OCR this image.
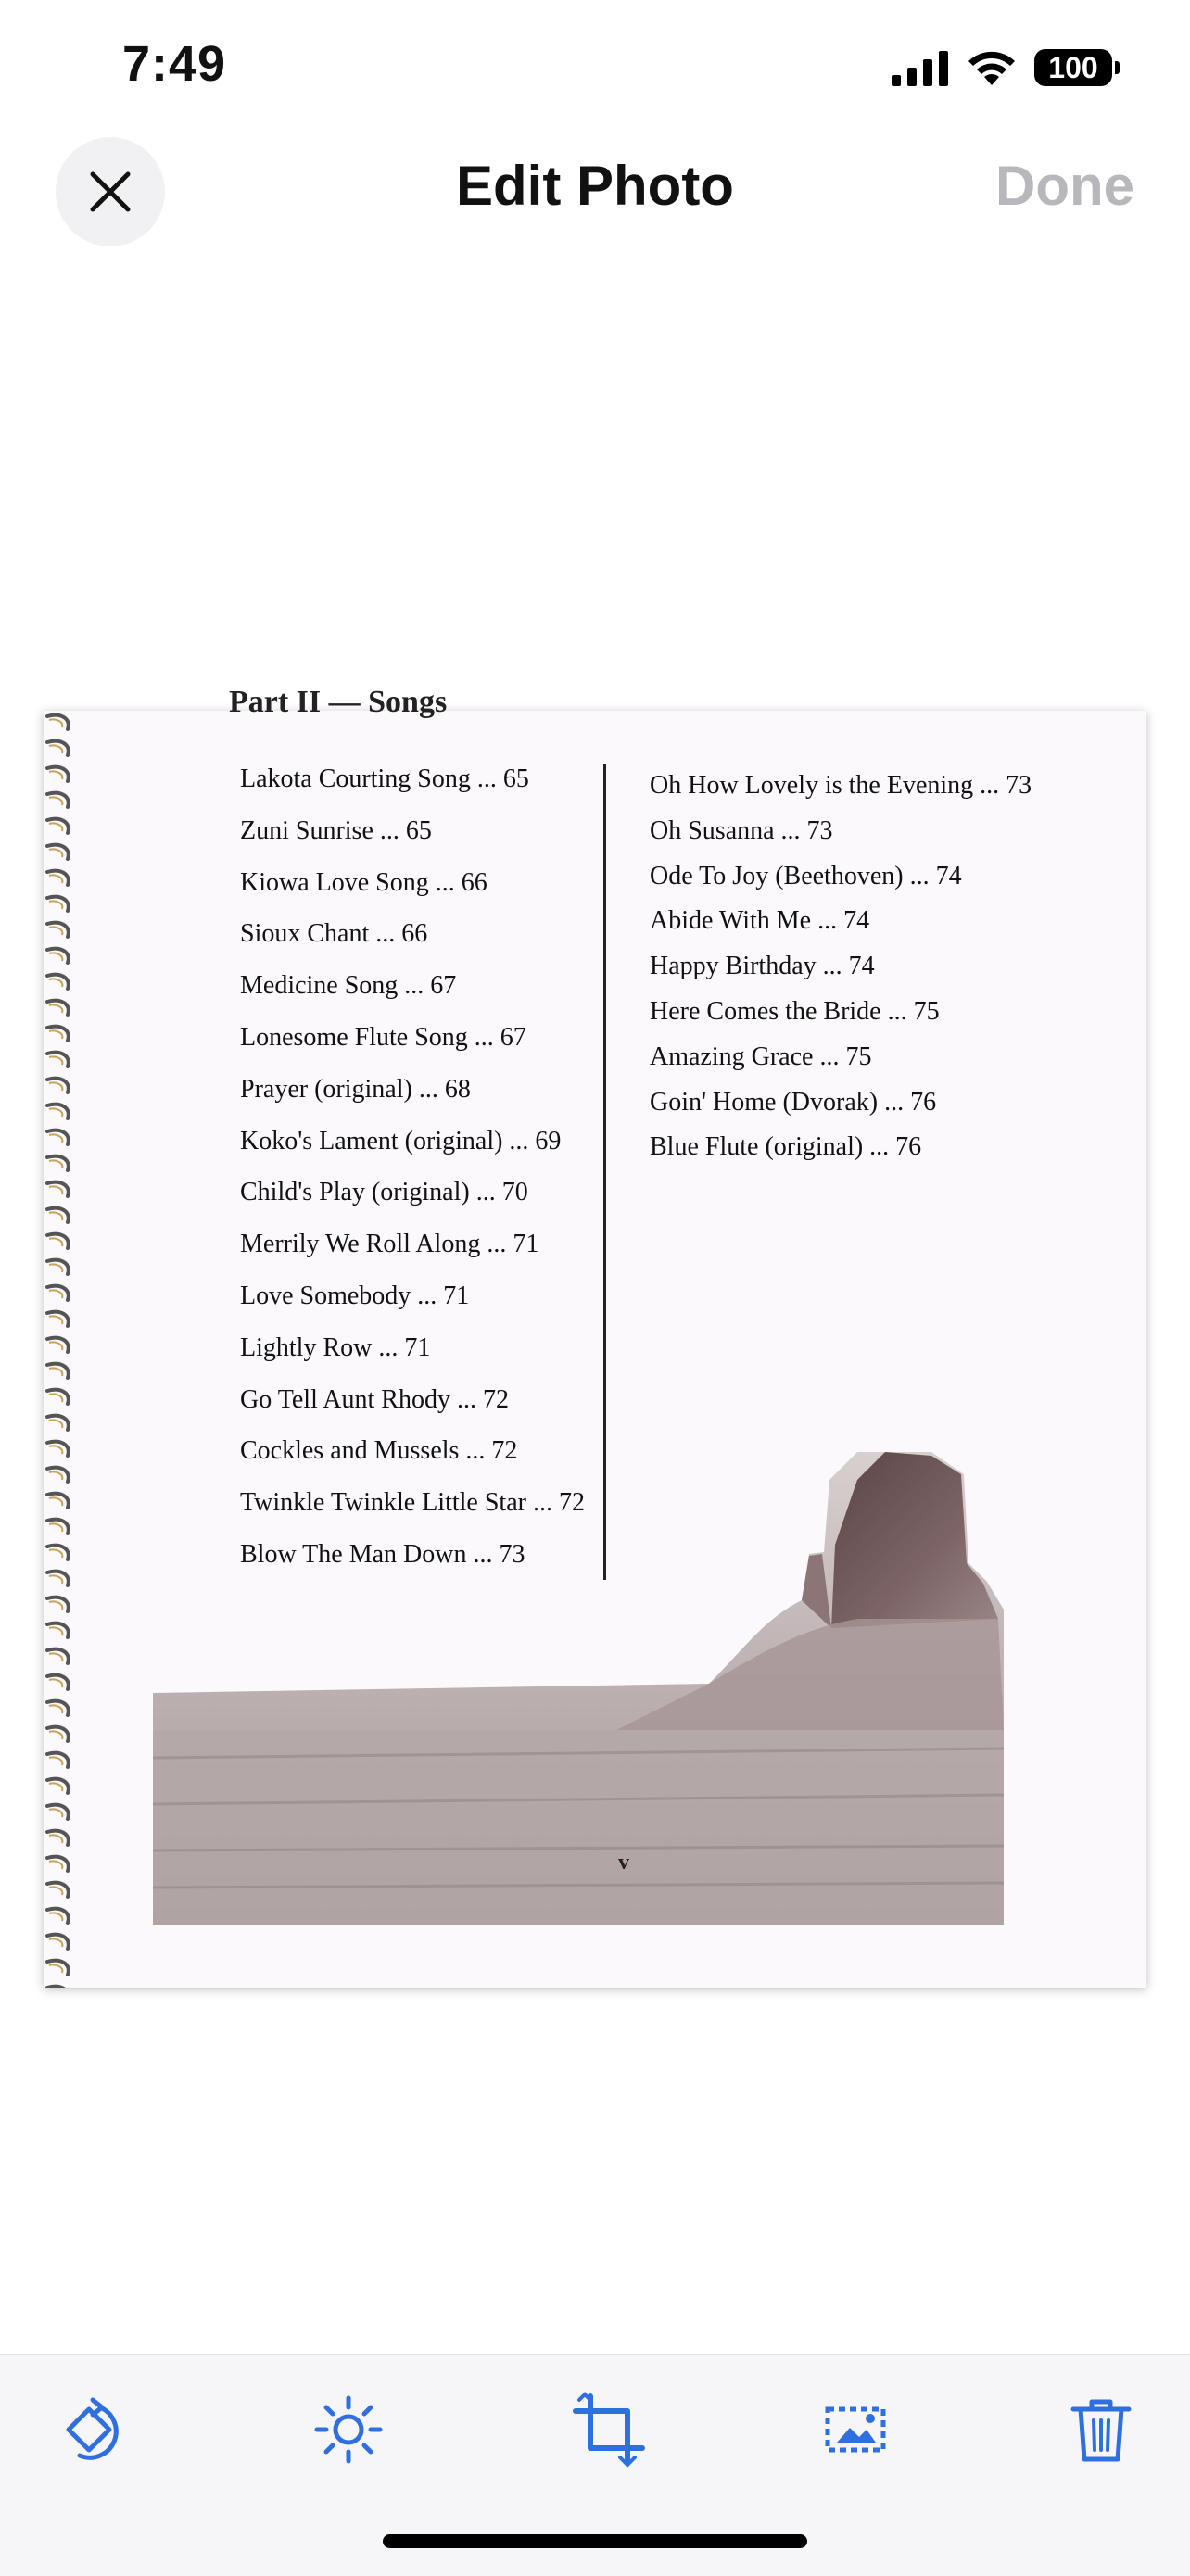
7:49	100
Edit Photo	Done
Part II — Songs
Lakota Courting Song ... 65
Zuni Sunrise ... 65
Kiowa Love Song ... 66
Sioux Chant ... 66
Medicine Song ... 67
Lonesome Flute Song ... 67
Prayer (original) ... 68
Koko's Lament (original) ... 69
Child's Play (original) ... 70
Merrily We Roll Along ... 71
Love Somebody ... 71
Lightly Row ... 71
Go Tell Aunt Rhody ... 72
Cockles and Mussels ... 72
Twinkle Twinkle Little Star ... 72
Blow The Man Down ... 73
Oh How Lovely is the Evening ... 73
Oh Susanna ... 73
Ode To Joy (Beethoven) ... 74
Abide With Me ... 74
Happy Birthday ... 74
Here Comes the Bride ... 75
Amazing Grace ... 75
Goin' Home (Dvorak) ... 76
Blue Flute (original) ... 76
v
